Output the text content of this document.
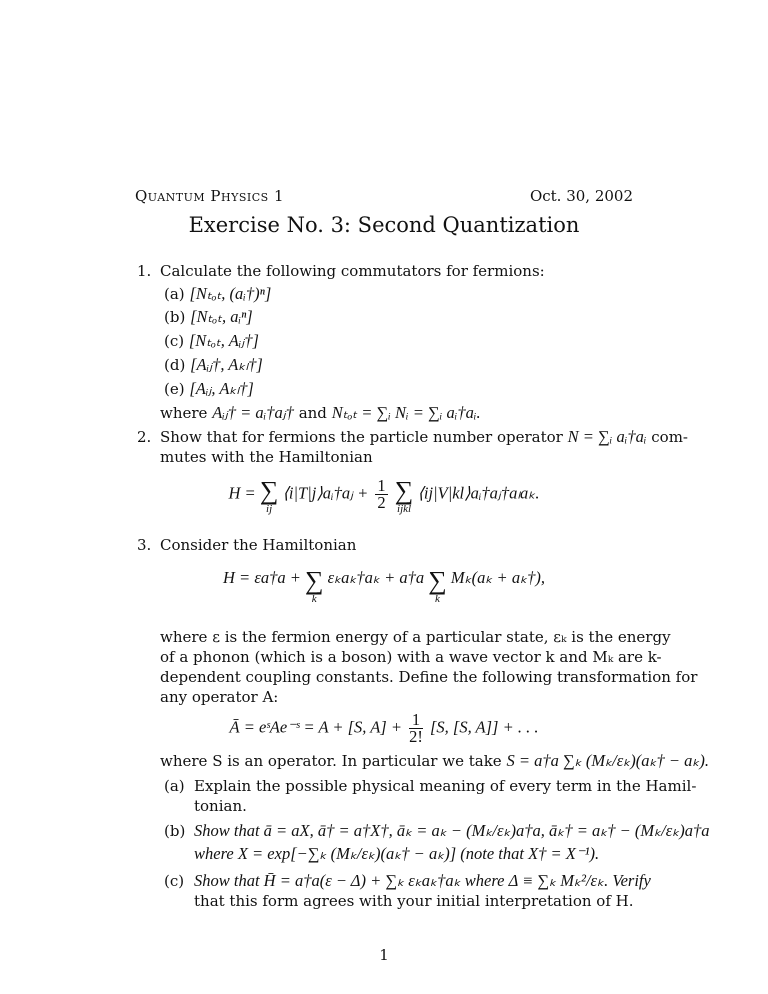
Quantum Physics 1	Oct. 30, 2002
Exercise No. 3: Second Quantization
1. Calculate the following commutators for fermions:
(a) [Nₜₒₜ, (aᵢ†)ⁿ]
(b) [Nₜₒₜ, aᵢⁿ]
(c) [Nₜₒₜ, Aᵢⱼ†]
(d) [Aᵢⱼ†, Aₖₗ†]
(e) [Aᵢⱼ, Aₖₗ†]
where Aᵢⱼ† = aᵢ†aⱼ† and Nₜₒₜ = ∑ᵢ Nᵢ = ∑ᵢ aᵢ†aᵢ.
2. Show that for fermions the particle number operator N = ∑ᵢ aᵢ†aᵢ com-
mutes with the Hamiltonian
H = ∑
ij
⟨i|T|j⟩aᵢ†aⱼ + $\frac{1}{2}$
∑
ijkl
⟨ij|V|kl⟩aᵢ†aⱼ†aₗaₖ.
3. Consider the Hamiltonian
H = εa†a + ∑
k
εₖaₖ†aₖ + a†a ∑
k
Mₖ(aₖ + aₖ†),
where ε is the fermion energy of a particular state, εₖ is the energy
of a phonon (which is a boson) with a wave vector k and Mₖ are k-
dependent coupling constants. Define the following transformation for
any operator A:
Ā = eˢAe⁻ˢ = A + [S, $A] + \frac{1}{2!} [S$, [S, A]] + . . .
where S is an operator. In particular we take S = a†a ∑ₖ (Mₖ/εₖ)(aₖ† − aₖ).
(a) Explain the possible physical meaning of every term in the Hamil-
tonian.
(b) Show that ā = aX, ā† = a†X†, āₖ = aₖ − (Mₖ/εₖ)a†a, āₖ† = aₖ† − (Mₖ/εₖ)a†a
where X = exp[−∑ₖ (Mₖ/εₖ)(aₖ† − aₖ)] (note that X† = X⁻¹).
(c) Show that H̄ = a†a(ε − Δ) + ∑ₖ εₖaₖ†aₖ where Δ ≡ ∑ₖ Mₖ²/εₖ. Verify
that this form agrees with your initial interpretation of H.
1
